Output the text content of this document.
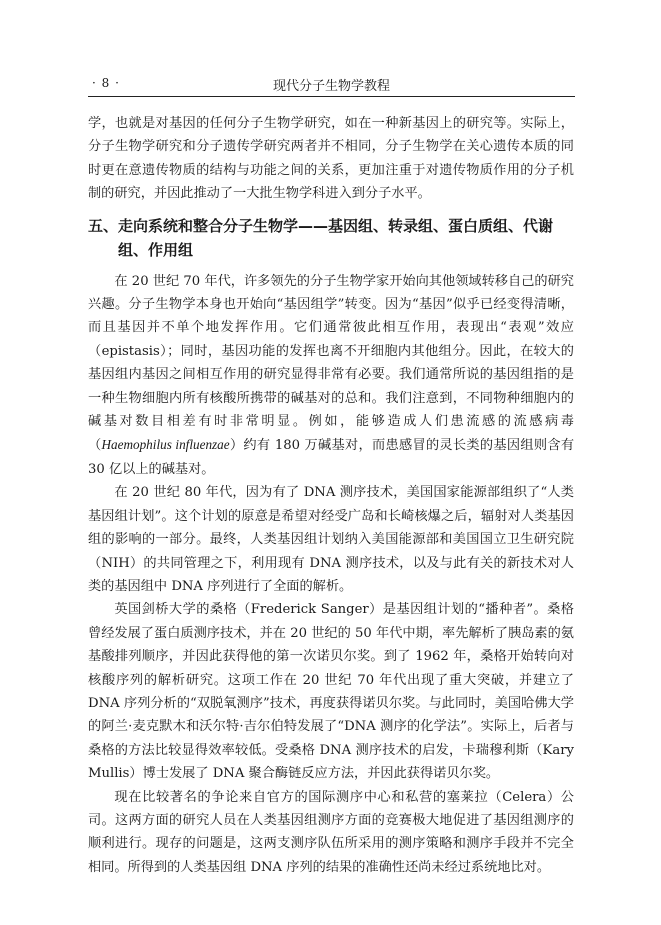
· 8 ·	现代分子生物学教程

学，也就是对基因的任何分子生物学研究，如在一种新基因上的研究等。实际上，分子生物学研究和分子遗传学研究两者并不相同，分子生物学在关心遗传本质的同时更在意遗传物质的结构与功能之间的关系，更加注重于对遗传物质作用的分子机制的研究，并因此推动了一大批生物学科进入到分子水平。

五、走向系统和整合分子生物学——基因组、转录组、蛋白质组、代谢组、作用组

在 20 世纪 70 年代，许多领先的分子生物学家开始向其他领域转移自己的研究兴趣。分子生物学本身也开始向“基因组学”转变。因为“基因”似乎已经变得清晰，而且基因并不单个地发挥作用。它们通常彼此相互作用，表现出“表观”效应（epistasis）；同时，基因功能的发挥也离不开细胞内其他组分。因此，在较大的基因组内基因之间相互作用的研究显得非常有必要。我们通常所说的基因组指的是一种生物细胞内所有核酸所携带的碱基对的总和。我们注意到，不同物种细胞内的碱基对数目相差有时非常明显。例如，能够造成人们患流感的流感病毒（Haemophilus influenzae）约有 180 万碱基对，而患感冒的灵长类的基因组则含有 30 亿以上的碱基对。

在 20 世纪 80 年代，因为有了 DNA 测序技术，美国国家能源部组织了“人类基因组计划”。这个计划的原意是希望对经受广岛和长崎核爆之后，辐射对人类基因组的影响的一部分。最终，人类基因组计划纳入美国能源部和美国国立卫生研究院（NIH）的共同管理之下，利用现有 DNA 测序技术，以及与此有关的新技术对人类的基因组中 DNA 序列进行了全面的解析。

英国剑桥大学的桑格（Frederick Sanger）是基因组计划的“播种者”。桑格曾经发展了蛋白质测序技术，并在 20 世纪的 50 年代中期，率先解析了胰岛素的氨基酸排列顺序，并因此获得他的第一次诺贝尔奖。到了 1962 年，桑格开始转向对核酸序列的解析研究。这项工作在 20 世纪 70 年代出现了重大突破，并建立了 DNA 序列分析的“双脱氧测序”技术，再度获得诺贝尔奖。与此同时，美国哈佛大学的阿兰·麦克默木和沃尔特·吉尔伯特发展了“DNA 测序的化学法”。实际上，后者与桑格的方法比较显得效率较低。受桑格 DNA 测序技术的启发，卡瑞穆利斯（Kary Mullis）博士发展了 DNA 聚合酶链反应方法，并因此获得诺贝尔奖。

现在比较著名的争论来自官方的国际测序中心和私营的塞莱拉（Celera）公司。这两方面的研究人员在人类基因组测序方面的竞赛极大地促进了基因组测序的顺利进行。现存的问题是，这两支测序队伍所采用的测序策略和测序手段并不完全相同。所得到的人类基因组 DNA 序列的结果的准确性还尚未经过系统地比对。
